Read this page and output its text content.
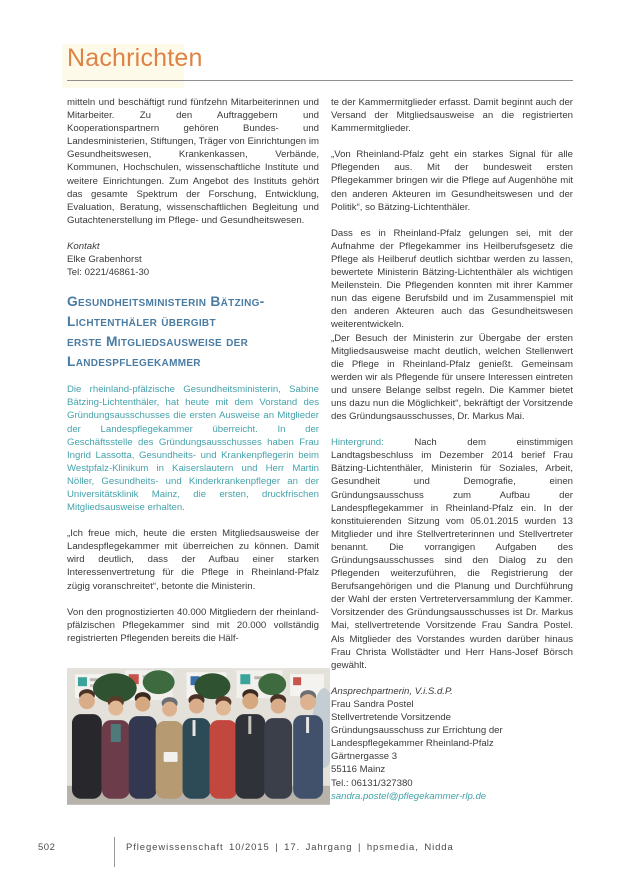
Nachrichten

mitteln und beschäftigt rund fünfzehn Mitarbeiterinnen und Mitarbeiter. Zu den Auftraggebern und Kooperationspartnern gehören Bundes- und Landesministerien, Stiftungen, Träger von Einrichtungen im Gesundheitswesen, Krankenkassen, Verbände, Kommunen, Hochschulen, wissenschaftliche Institute und weitere Einrichtungen. Zum Angebot des Instituts gehört das gesamte Spektrum der Forschung, Entwicklung, Evaluation, Beratung, wissenschaftlichen Begleitung und Gutachtenerstellung im Pflege- und Gesundheitswesen.

Kontakt
Elke Grabenhorst
Tel: 0221/46861-30
Gesundheitsministerin Bätzing-
Lichtenthäler übergibt
erste Mitgliedsausweise der
Landespflegekammer

Die rheinland-pfälzische Gesundheitsministerin, Sabine Bätzing-Lichtenthäler, hat heute mit dem Vorstand des Gründungsausschusses die ersten Ausweise an Mitglieder der Landespflegekammer überreicht. In der Geschäftsstelle des Gründungsausschusses haben Frau Ingrid Lassotta, Gesundheits- und Krankenpflegerin beim Westpfalz-Klinikum in Kaiserslautern und Herr Martin Nöller, Gesundheits- und Kinderkrankenpfleger an der Universitätsklinik Mainz, die ersten, druckfrischen Mitgliedsausweise erhalten.

„Ich freue mich, heute die ersten Mitgliedsausweise der Landespflegekammer mit überreichen zu können. Damit wird deutlich, dass der Aufbau einer starken Interessenvertretung für die Pflege in Rheinland-Pfalz zügig voranschreitet“, betonte die Ministerin.

Von den prognostizierten 40.000 Mitgliedern der rheinland-pfälzischen Pflegekammer sind mit 20.000 vollständig registrierten Pflegenden bereits die Hälf-

te der Kammermitglieder erfasst. Damit beginnt auch der Versand der Mitgliedsausweise an die registrierten Kammermitglieder.

„Von Rheinland-Pfalz geht ein starkes Signal für alle Pflegenden aus. Mit der bundesweit ersten Pflegekammer bringen wir die Pflege auf Augenhöhe mit den anderen Akteuren im Gesundheitswesen und der Politik“, so Bätzing-Lichtenthäler.

Dass es in Rheinland-Pfalz gelungen sei, mit der Aufnahme der Pflegekammer ins Heilberufsgesetz die Pflege als Heilberuf deutlich sichtbar werden zu lassen, bewertete Ministerin Bätzing-Lichtenthäler als wichtigen Meilenstein. Die Pflegenden konnten mit ihrer Kammer nun das eigene Berufsbild und im Zusammenspiel mit den anderen Akteuren auch das Gesundheitswesen weiterentwickeln.

„Der Besuch der Ministerin zur Übergabe der ersten Mitgliedsausweise macht deutlich, welchen Stellenwert die Pflege in Rheinland-Pfalz genießt. Gemeinsam werden wir als Pflegende für unsere Interessen eintreten und unsere Belange selbst regeln. Die Kammer bietet uns dazu nun die Möglichkeit“, bekräftigt der Vorsitzende des Gründungsausschusses, Dr. Markus Mai.

Hintergrund:	Nach dem einstimmigen Landtagsbeschluss im Dezember 2014 berief Frau Bätzing-Lichtenthäler, Ministerin für Soziales, Arbeit, Gesundheit und Demografie, einen Gründungsausschuss zum Aufbau der Landespflegekammer in Rheinland-Pfalz ein. In der konstituierenden Sitzung vom 05.01.2015 wurden 13 Mitglieder und ihre Stellvertreterinnen und Stellvertreter benannt. Die vorrangigen Aufgaben des Gründungsausschusses sind den Dialog zu den Pflegenden weiterzuführen, die Registrierung der Berufsangehörigen und die Planung und Durchführung der Wahl der ersten Vertreterversammlung der Kammer. Vorsitzender des Gründungsausschusses ist Dr. Markus Mai, stellvertretende Vorsitzende Frau Sandra Postel. Als Mitglieder des Vorstandes wurden darüber hinaus Frau Christa Wollstädter und Herr Hans-Josef Börsch gewählt.

Ansprechpartnerin, V.i.S.d.P.
Frau Sandra Postel
Stellvertretende Vorsitzende
Gründungsausschuss zur Errichtung der Landespflegekammer Rheinland-Pfalz
Gärtnergasse 3
55116 Mainz
Tel.: 06131/327380
sandra.postel@pflegekammer-rlp.de
502	Pflegewissenschaft 10/2015 | 17. Jahrgang | hpsmedia, Nidda
